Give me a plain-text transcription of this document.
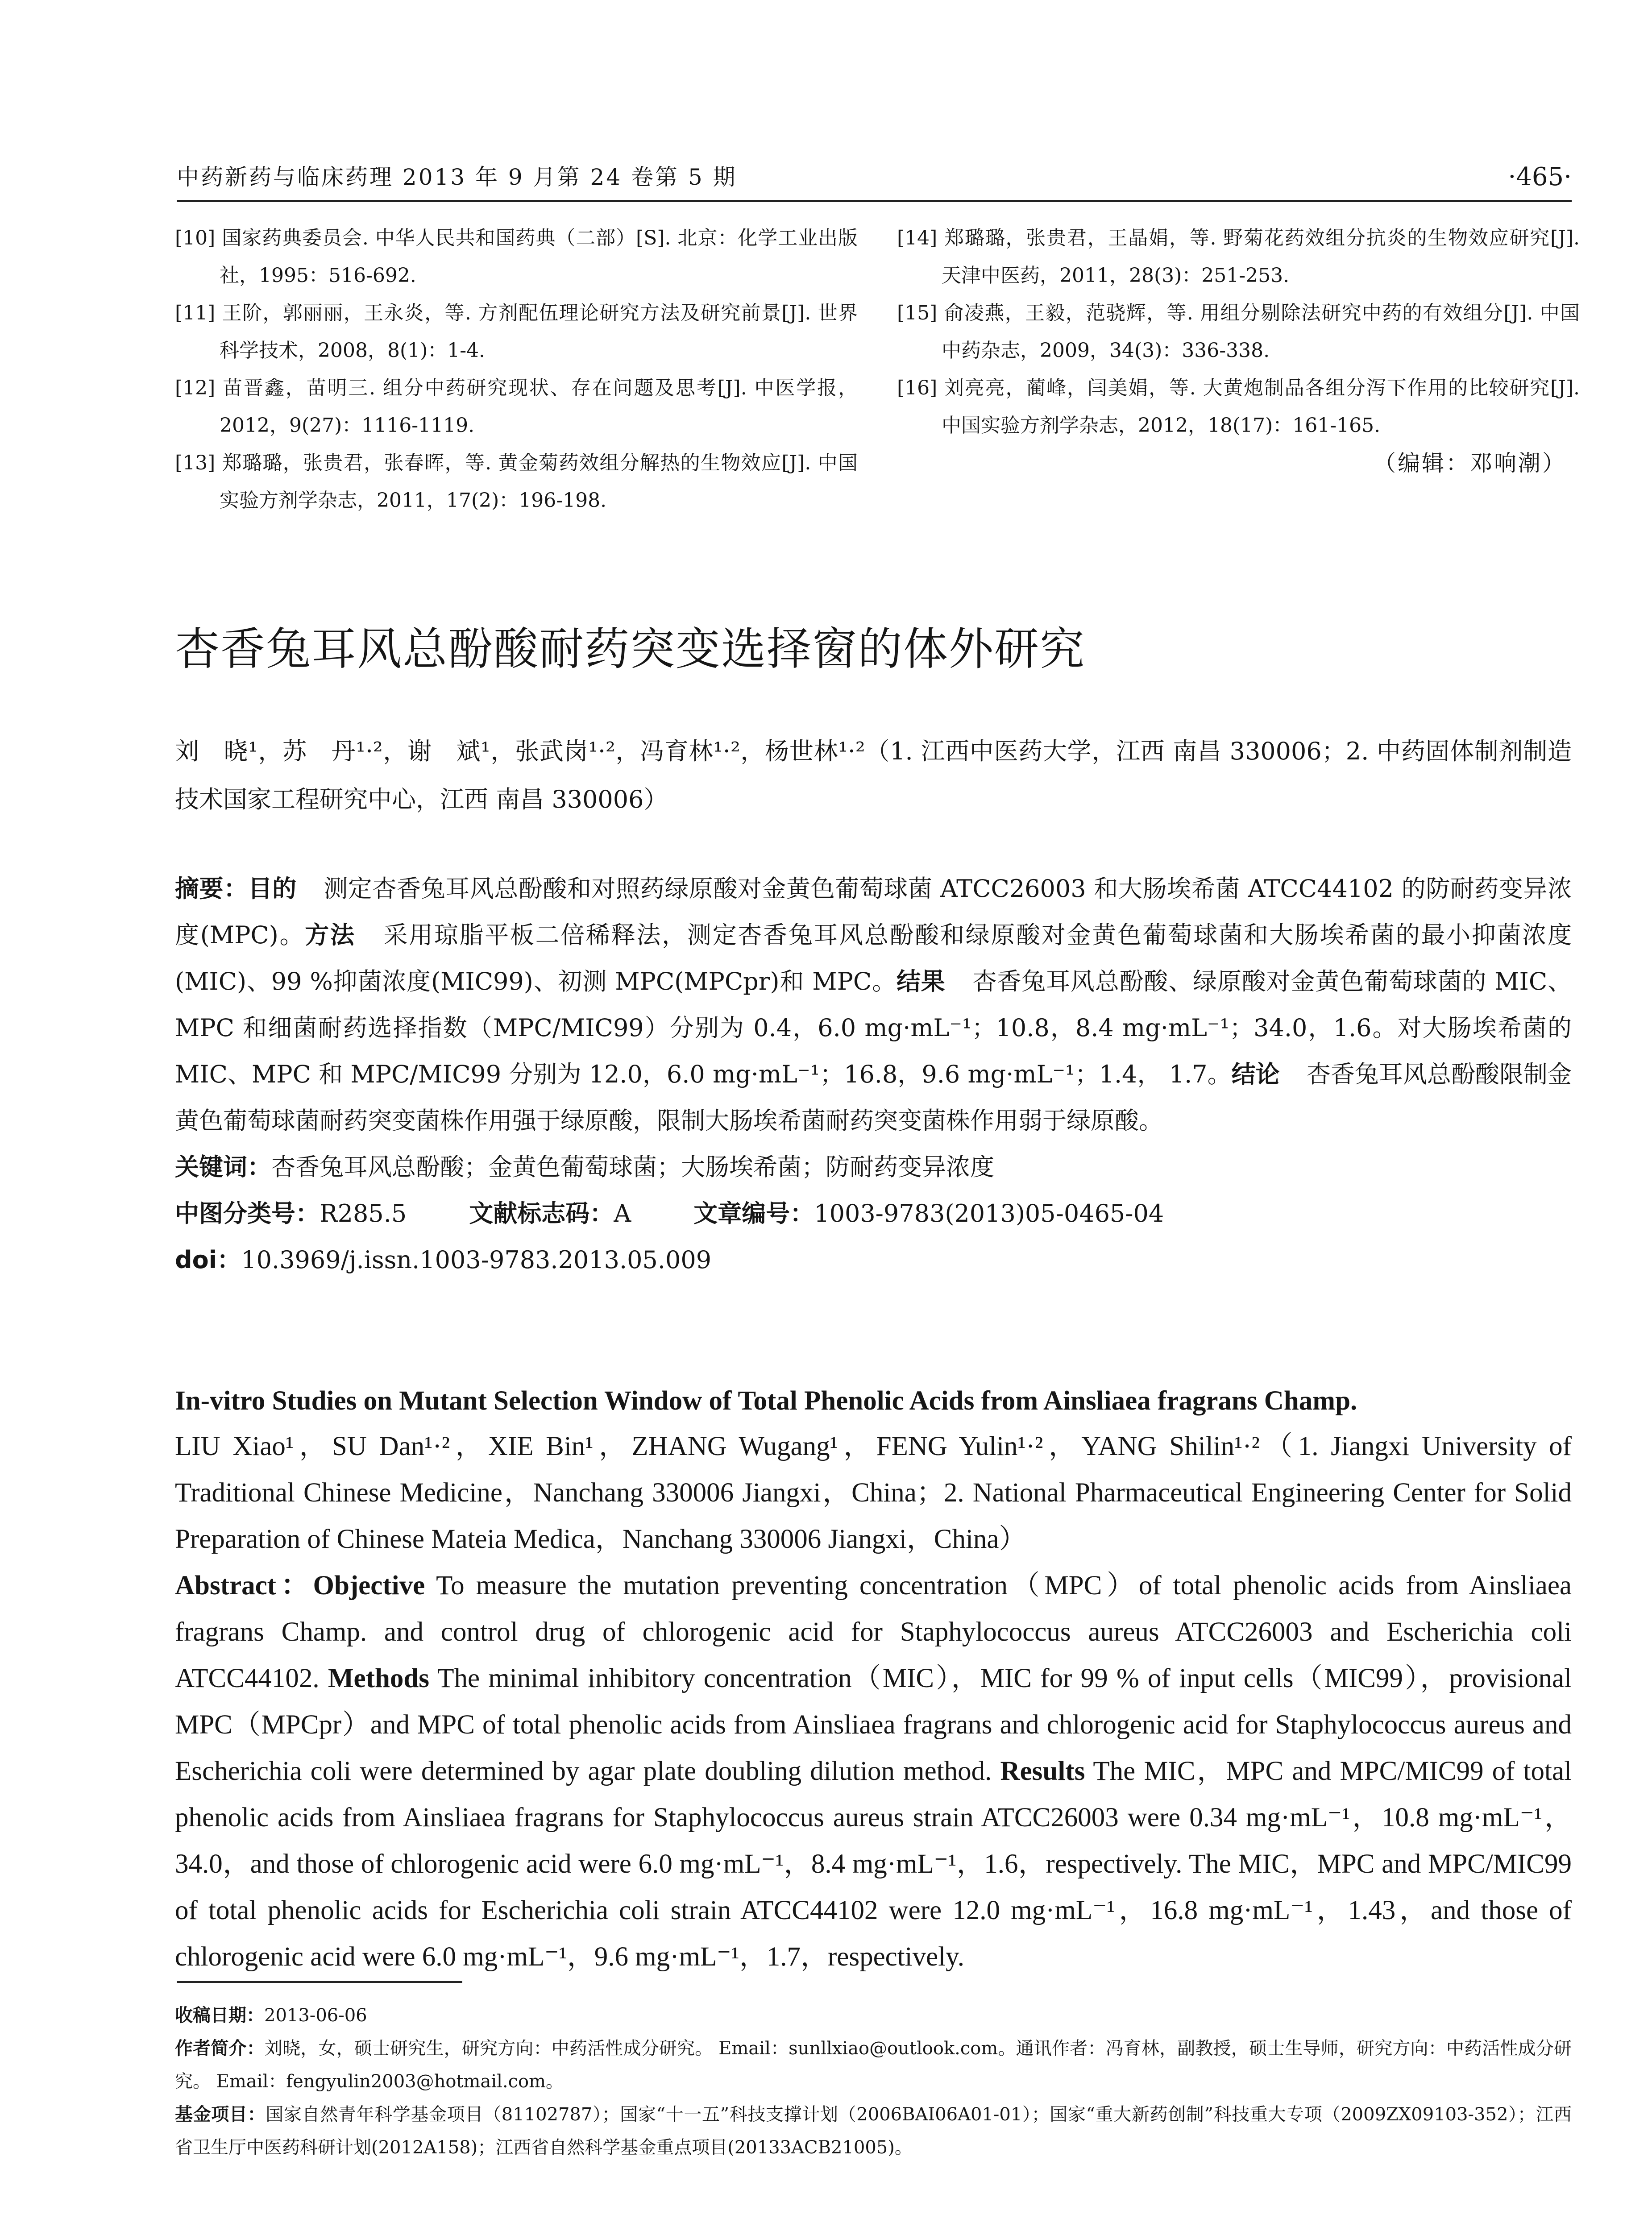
中药新药与临床药理 2013 年 9 月第 24 卷第 5 期	·465·
[10] 国家药典委员会. 中华人民共和国药典（二部）[S]. 北京：化学工业出版社，1995：516-692.
[11] 王阶，郭丽丽，王永炎，等. 方剂配伍理论研究方法及研究前景[J]. 世界科学技术，2008，8(1)：1-4.
[12] 苗晋鑫，苗明三. 组分中药研究现状、存在问题及思考[J]. 中医学报，2012，9(27)：1116-1119.
[13] 郑璐璐，张贵君，张春晖，等. 黄金菊药效组分解热的生物效应[J]. 中国实验方剂学杂志，2011，17(2)：196-198.
[14] 郑璐璐，张贵君，王晶娟，等. 野菊花药效组分抗炎的生物效应研究[J]. 天津中医药，2011，28(3)：251-253.
[15] 俞凌燕，王毅，范骁辉，等. 用组分剔除法研究中药的有效组分[J]. 中国中药杂志，2009，34(3)：336-338.
[16] 刘亮亮，蔺峰，闫美娟，等. 大黄炮制品各组分泻下作用的比较研究[J]. 中国实验方剂学杂志，2012，18(17)：161-165.
（编辑：邓响潮）
杏香兔耳风总酚酸耐药突变选择窗的体外研究
刘　晓¹，苏　丹¹·²，谢　斌¹，张武岗¹·²，冯育林¹·²，杨世林¹·²（1. 江西中医药大学，江西 南昌 330006；2. 中药固体制剂制造技术国家工程研究中心，江西 南昌 330006）

摘要：目的 测定杏香兔耳风总酚酸和对照药绿原酸对金黄色葡萄球菌 ATCC26003 和大肠埃希菌 ATCC44102 的防耐药变异浓度(MPC)。方法 采用琼脂平板二倍稀释法，测定杏香兔耳风总酚酸和绿原酸对金黄色葡萄球菌和大肠埃希菌的最小抑菌浓度(MIC)、99 %抑菌浓度(MIC99)、初测 MPC(MPCpr)和 MPC。结果 杏香兔耳风总酚酸、绿原酸对金黄色葡萄球菌的 MIC、MPC 和细菌耐药选择指数（MPC/MIC99）分别为 0.4，6.0 mg·mL⁻¹；10.8，8.4 mg·mL⁻¹；34.0，1.6。对大肠埃希菌的 MIC、MPC 和 MPC/MIC99 分别为 12.0，6.0 mg·mL⁻¹；16.8，9.6 mg·mL⁻¹；1.4， 1.7。结论 杏香兔耳风总酚酸限制金黄色葡萄球菌耐药突变菌株作用强于绿原酸，限制大肠埃希菌耐药突变菌株作用弱于绿原酸。

关键词：杏香兔耳风总酚酸；金黄色葡萄球菌；大肠埃希菌；防耐药变异浓度

中图分类号：R285.5	文献标志码：A	文章编号：1003-9783(2013)05-0465-04

doi：10.3969/j.issn.1003-9783.2013.05.009

In-vitro Studies on Mutant Selection Window of Total Phenolic Acids from Ainsliaea fragrans Champ.

LIU Xiao¹，SU Dan¹·²，XIE Bin¹，ZHANG Wugang¹，FENG Yulin¹·²，YANG Shilin¹·²（1. Jiangxi University of Traditional Chinese Medicine，Nanchang 330006 Jiangxi，China；2. National Pharmaceutical Engineering Center for Solid Preparation of Chinese Mateia Medica，Nanchang 330006 Jiangxi，China）

Abstract：Objective To measure the mutation preventing concentration（MPC）of total phenolic acids from Ainsliaea fragrans Champ. and control drug of chlorogenic acid for Staphylococcus aureus ATCC26003 and Escherichia coli ATCC44102. Methods The minimal inhibitory concentration（MIC），MIC for 99 % of input cells（MIC99），provisional MPC（MPCpr）and MPC of total phenolic acids from Ainsliaea fragrans and chlorogenic acid for Staphylococcus aureus and Escherichia coli were determined by agar plate doubling dilution method. Results The MIC，MPC and MPC/MIC99 of total phenolic acids from Ainsliaea fragrans for Staphylococcus aureus strain ATCC26003 were 0.34 mg·mL⁻¹，10.8 mg·mL⁻¹，34.0，and those of chlorogenic acid were 6.0 mg·mL⁻¹，8.4 mg·mL⁻¹，1.6，respectively. The MIC，MPC and MPC/MIC99 of total phenolic acids for Escherichia coli strain ATCC44102 were 12.0 mg·mL⁻¹，16.8 mg·mL⁻¹，1.43，and those of chlorogenic acid were 6.0 mg·mL⁻¹，9.6 mg·mL⁻¹，1.7，respectively.

收稿日期：2013-06-06

作者简介：刘晓，女，硕士研究生，研究方向：中药活性成分研究。 Email：sunllxiao@outlook.com。通讯作者：冯育林，副教授，硕士生导师，研究方向：中药活性成分研究。 Email：fengyulin2003@hotmail.com。

基金项目：国家自然青年科学基金项目（81102787）；国家“十一五”科技支撑计划（2006BAI06A01-01）；国家“重大新药创制”科技重大专项（2009ZX09103-352）；江西省卫生厅中医药科研计划(2012A158)；江西省自然科学基金重点项目(20133ACB21005)。
